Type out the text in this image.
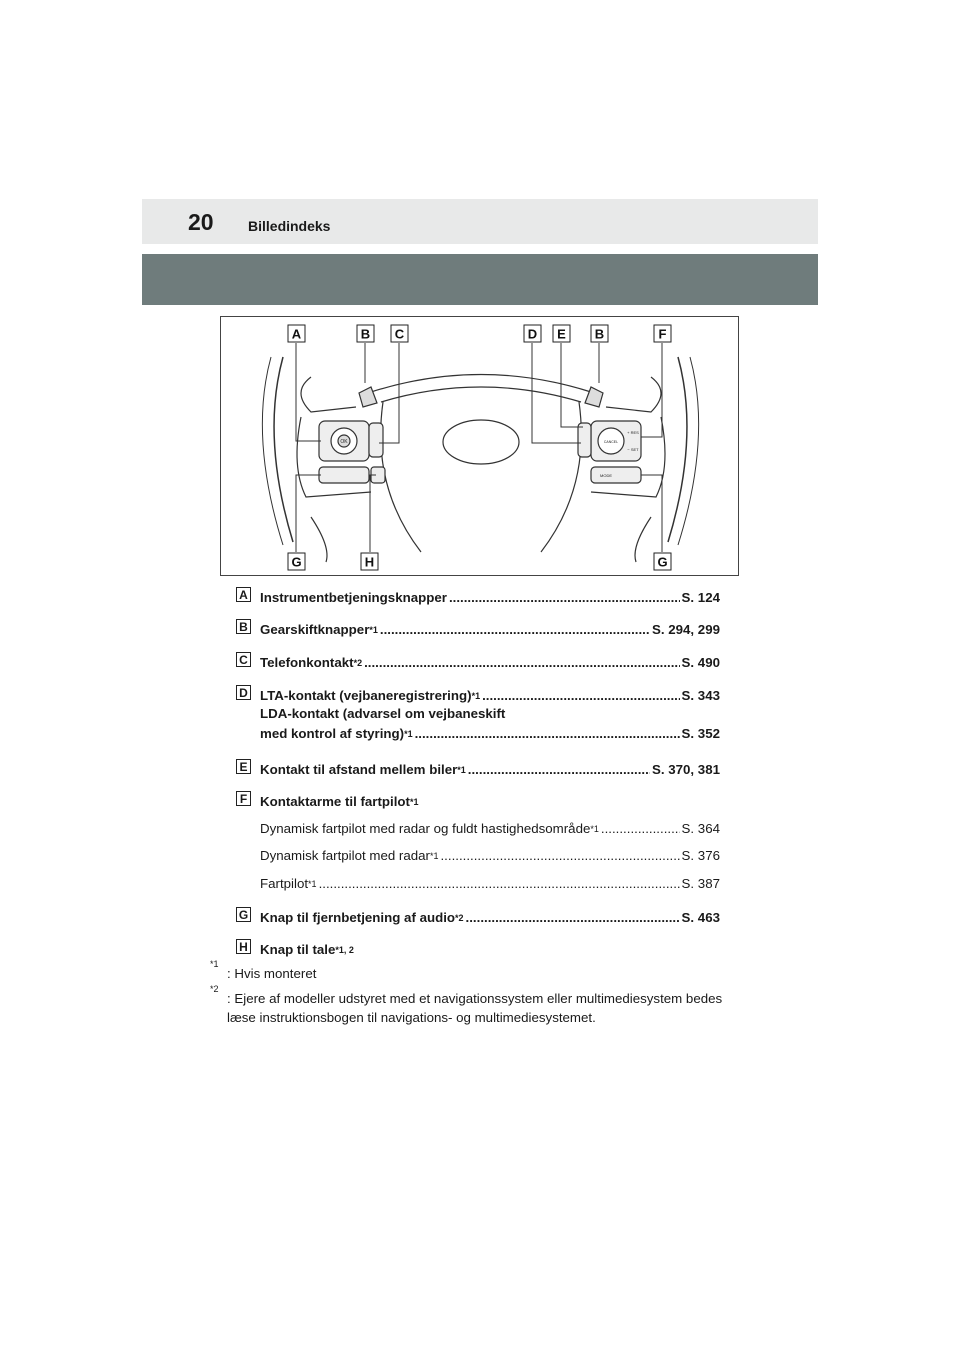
20 Billedindeks
OK	CANCEL
+ RES
− SET
MODE
A	B C	D E B	F
G	H	G
A Instrumentbetjeningsknapper .....	S. 124
B Gearskiftknapper$^{*1}$ .....	S. 294, 299
C Telefonkontakt$^{*2}$ .....	S. 490
D LTA-kontakt (vejbaneregistrering)$^{*1}$ .....	S. 343
LDA-kontakt (advarsel om vejbaneskift
med kontrol af styring)$^{*1}$ .....	S. 352
E Kontakt til afstand mellem biler$^{*1}$ .....	S. 370, 381
F Kontaktarme til fartpilot$^{*1}$
Dynamisk fartpilot med radar og fuldt hastighedsområde$^{*1}$ .....	S. 364
Dynamisk fartpilot med radar$^{*1}$ .....	S. 376
Fartpilot$^{*1}$ .....	S. 387
G Knap til fjernbetjening af audio$^{*2}$ .....	S. 463
H Knap til tale$^{*1, 2}$
*1
: Hvis monteret
*2
: Ejere af modeller udstyret med et navigationssystem eller multimediesystem bedes læse instruktionsbogen til navigations- og multimediesystemet.
